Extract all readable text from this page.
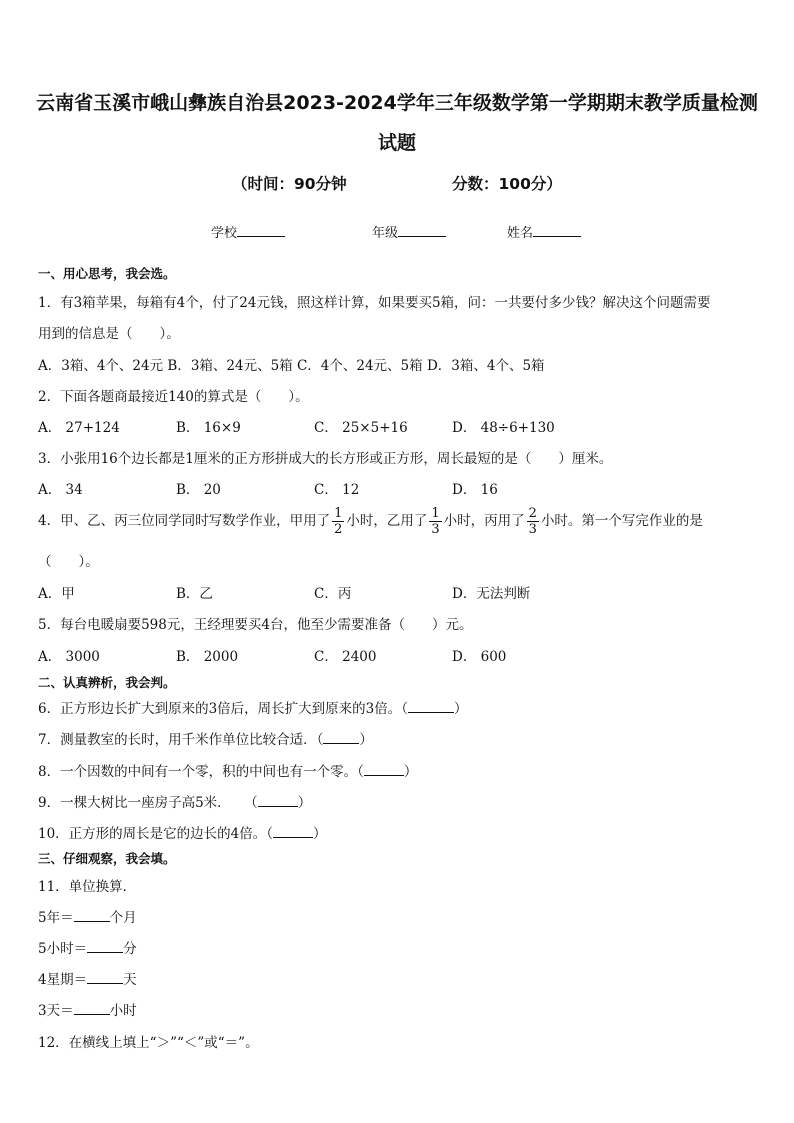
云南省玉溪市峨山彝族自治县2023-2024学年三年级数学第一学期期末教学质量检测
试题
（时间：90分钟	分数：100分）
学校	年级	姓名
一、用心思考，我会选。
1．有3箱苹果，每箱有4个，付了24元钱，照这样计算，如果要买5箱，问：一共要付多少钱？解决这个问题需要
用到的信息是（　　）。
A．3箱、4个、24元 B．3箱、24元、5箱 C．4个、24元、5箱 D．3箱、4个、5箱
2．下面各题商最接近140的算式是（　　）。
A． 27+124	B． 16×9	C． 25×5+16	D． 48÷6+130
3．小张用16个边长都是1厘米的正方形拼成大的长方形或正方形，周长最短的是（　　）厘米。
A． 34	B． 20	C． 12	D． 16
4．甲、乙、丙三位同学同时写数学作业，甲用了 $\frac{1}{2}$ 小时，乙用了 $\frac{1}{3}$ 小时，丙用了 $\frac{2}{3}$ 小时。第一个写完作业的是
（　　）。
A．甲	B．乙	C．丙	D．无法判断
5．每台电暖扇要598元，王经理要买4台，他至少需要准备（　　）元。
A． 3000	B． 2000	C． 2400	D． 600
二、认真辨析，我会判。
6．正方形边长扩大到原来的3倍后，周长扩大到原来的3倍。（	）
7．测量教室的长时，用千米作单位比较合适．（	）
8．一个因数的中间有一个零，积的中间也有一个零。（	）
9．一棵大树比一座房子高5米．　　（	）
10．正方形的周长是它的边长的4倍。（	）
三、仔细观察，我会填。
11．单位换算．
5年＝	个月
5小时＝	分
4星期＝	天
3天＝	小时
12．在横线上填上“＞”“＜”或“＝”。
